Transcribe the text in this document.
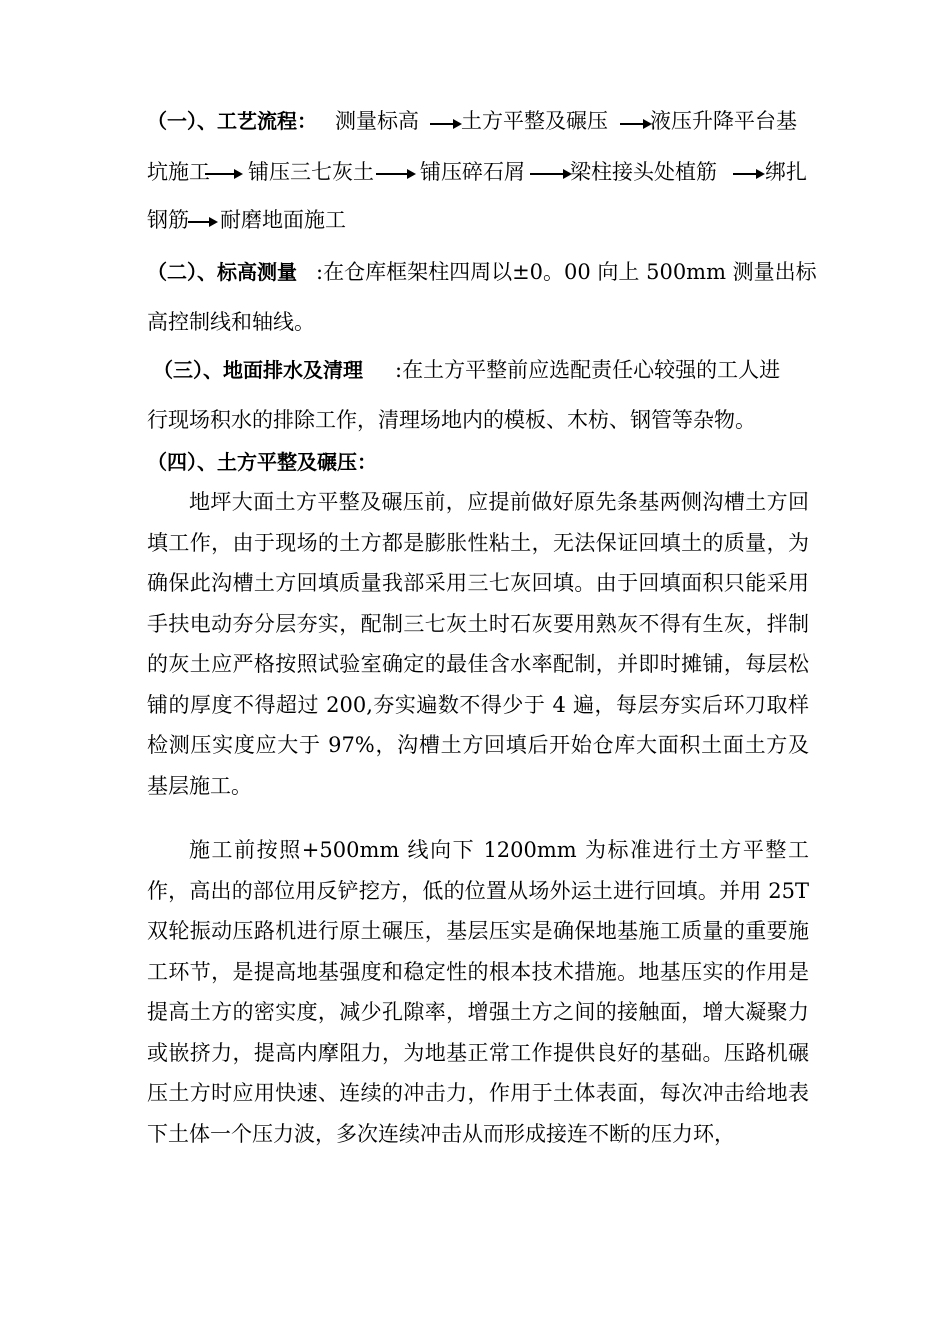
（一）、工艺流程： 测量标高 土方平整及碾压 液压升降平台基
坑施工 铺压三七灰土 铺压碎石屑 梁柱接头处植筋 绑扎
钢筋 耐磨地面施工
（二）、标高测量 :在仓库框架柱四周以±0。00 向上 500mm 测量出标
高控制线和轴线。
（三）、地面排水及清理 :在土方平整前应选配责任心较强的工人进
行现场积水的排除工作，清理场地内的模板、木枋、钢管等杂物。
（四）、土方平整及碾压：

地坪大面土方平整及碾压前，应提前做好原先条基两侧沟槽土方回填工作，由于现场的土方都是膨胀性粘土，无法保证回填土的质量，为确保此沟槽土方回填质量我部采用三七灰回填。由于回填面积只能采用手扶电动夯分层夯实，配制三七灰土时石灰要用熟灰不得有生灰，拌制的灰土应严格按照试验室确定的最佳含水率配制，并即时摊铺，每层松铺的厚度不得超过 200,夯实遍数不得少于 4 遍，每层夯实后环刀取样检测压实度应大于 97%，沟槽土方回填后开始仓库大面积土面土方及基层施工。

施工前按照+500mm 线向下 1200mm 为标准进行土方平整工作，高出的部位用反铲挖方，低的位置从场外运土进行回填。并用 25T 双轮振动压路机进行原土碾压，基层压实是确保地基施工质量的重要施工环节，是提高地基强度和稳定性的根本技术措施。地基压实的作用是提高土方的密实度，减少孔隙率，增强土方之间的接触面，增大凝聚力或嵌挤力，提高内摩阻力，为地基正常工作提供良好的基础。压路机碾压土方时应用快速、连续的冲击力，作用于土体表面，每次冲击给地表下土体一个压力波，多次连续冲击从而形成接连不断的压力环，
